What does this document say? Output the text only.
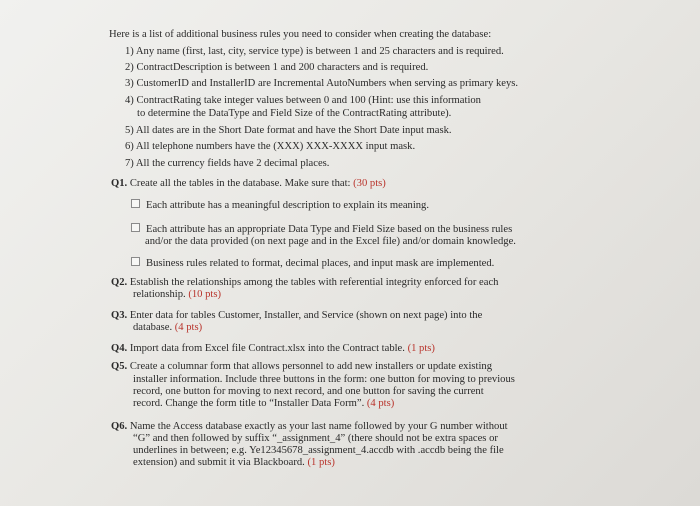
Here is a list of additional business rules you need to consider when creating the database:
1) Any name (first, last, city, service type) is between 1 and 25 characters and is required.
2) ContractDescription is between 1 and 200 characters and is required.
3) CustomerID and InstallerID are Incremental AutoNumbers when serving as primary keys.
4) ContractRating take integer values between 0 and 100 (Hint: use this information
to determine the DataType and Field Size of the ContractRating attribute).
5) All dates are in the Short Date format and have the Short Date input mask.
6) All telephone numbers have the (XXX) XXX-XXXX input mask.
7) All the currency fields have 2 decimal places.
Q1. Create all the tables in the database. Make sure that: (30 pts)
Each attribute has a meaningful description to explain its meaning.
Each attribute has an appropriate Data Type and Field Size based on the business rules
and/or the data provided (on next page and in the Excel file) and/or domain knowledge.
Business rules related to format, decimal places, and input mask are implemented.
Q2. Establish the relationships among the tables with referential integrity enforced for each
relationship. (10 pts)
Q3. Enter data for tables Customer, Installer, and Service (shown on next page) into the
database. (4 pts)
Q4. Import data from Excel file Contract.xlsx into the Contract table. (1 pts)
Q5. Create a columnar form that allows personnel to add new installers or update existing
installer information. Include three buttons in the form: one button for moving to previous
record, one button for moving to next record, and one button for saving the current
record. Change the form title to “Installer Data Form”. (4 pts)
Q6. Name the Access database exactly as your last name followed by your G number without
“G” and then followed by suffix “_assignment_4” (there should not be extra spaces or
underlines in between; e.g. Ye12345678_assignment_4.accdb with .accdb being the file
extension) and submit it via Blackboard. (1 pts)
